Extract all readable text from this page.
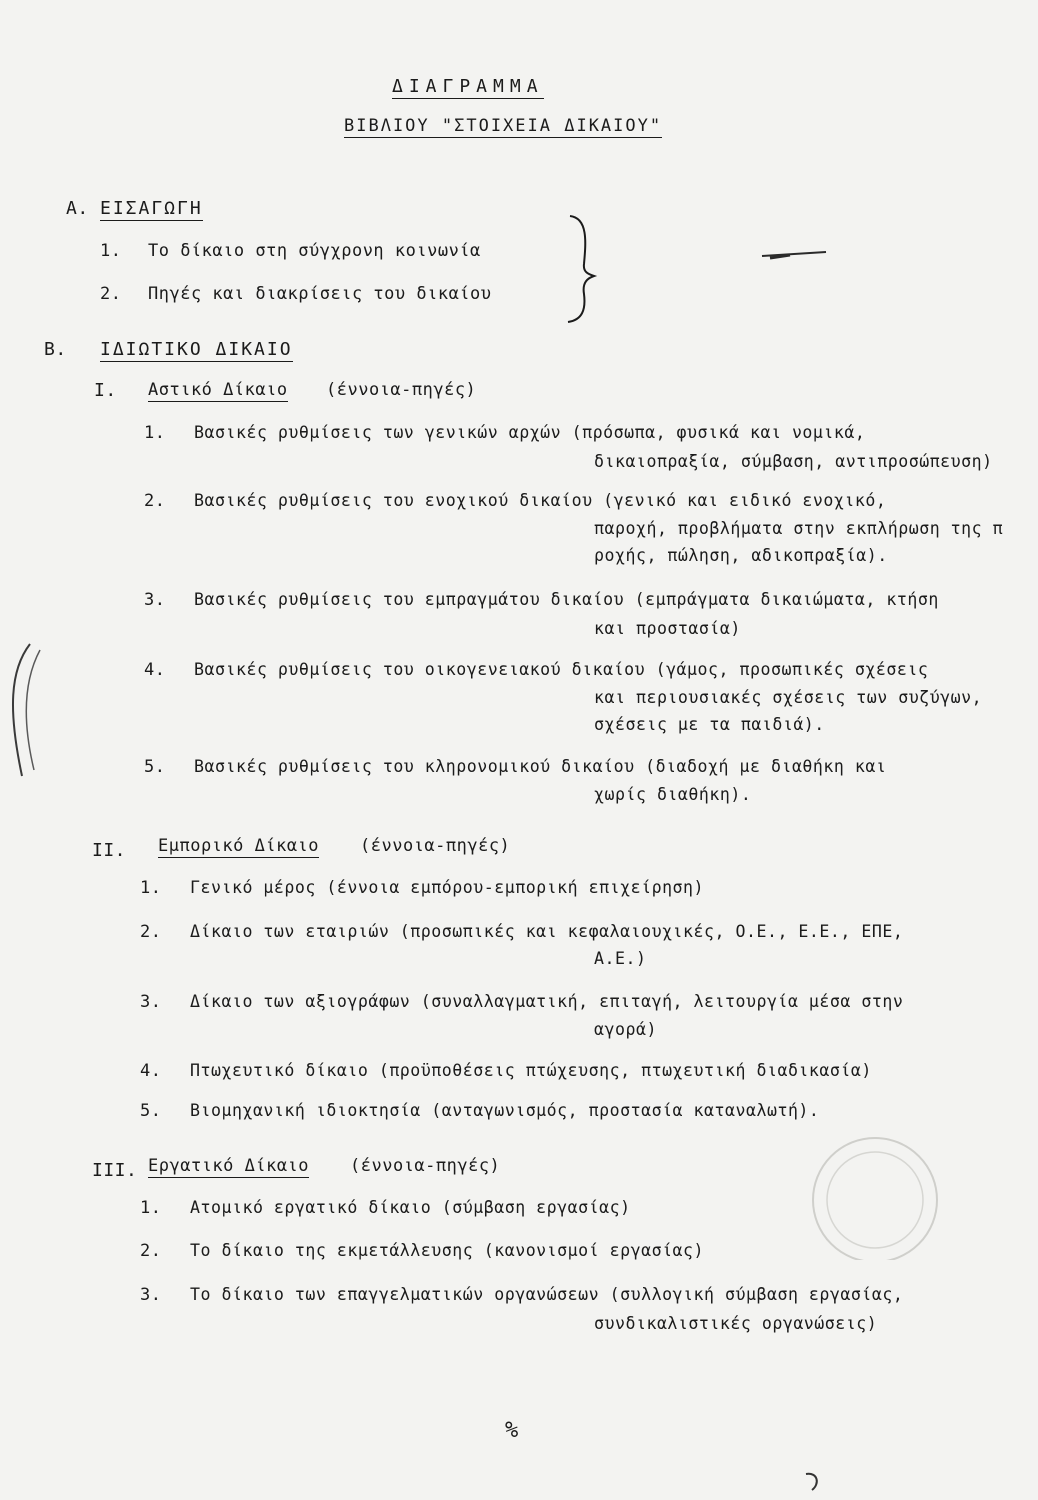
ΔΙΑΓΡΑΜΜΑ
ΒΙΒΛΙΟΥ "ΣΤΟΙΧΕΙΑ ΔΙΚΑΙΟΥ"
Α. ΕΙΣΑΓΩΓΗ
1. Το δίκαιο στη σύγχρονη κοινωνία
2. Πηγές και διακρίσεις του δικαίου
Β. ΙΔΙΩΤΙΚΟ ΔΙΚΑΙΟ
I. Αστικό Δίκαιο (έννοια-πηγές)
1. Βασικές ρυθμίσεις των γενικών αρχών (πρόσωπα, φυσικά και νομικά,
δικαιοπραξία, σύμβαση, αντιπροσώπευση)
2. Βασικές ρυθμίσεις του ενοχικού δικαίου (γενικό και ειδικό ενοχικό,
παροχή, προβλήματα στην εκπλήρωση της π
ροχής, πώληση, αδικοπραξία).
3. Βασικές ρυθμίσεις του εμπραγμάτου δικαίου (εμπράγματα δικαιώματα, κτήση
και προστασία)
4. Βασικές ρυθμίσεις του οικογενειακού δικαίου (γάμος, προσωπικές σχέσεις
και περιουσιακές σχέσεις των συζύγων,
σχέσεις με τα παιδιά).
5. Βασικές ρυθμίσεις του κληρονομικού δικαίου (διαδοχή με διαθήκη και
χωρίς διαθήκη).
II. Εμπορικό Δίκαιο (έννοια-πηγές)
1. Γενικό μέρος (έννοια εμπόρου-εμπορική επιχείρηση)
2. Δίκαιο των εταιριών (προσωπικές και κεφαλαιουχικές, Ο.Ε., Ε.Ε., ΕΠΕ,
Α.Ε.)
3. Δίκαιο των αξιογράφων (συναλλαγματική, επιταγή, λειτουργία μέσα στην
αγορά)
4. Πτωχευτικό δίκαιο (προϋποθέσεις πτώχευσης, πτωχευτική διαδικασία)
5. Βιομηχανική ιδιοκτησία (ανταγωνισμός, προστασία καταναλωτή).
III. Εργατικό Δίκαιο (έννοια-πηγές)
1. Ατομικό εργατικό δίκαιο (σύμβαση εργασίας)
2. Το δίκαιο της εκμετάλλευσης (κανονισμοί εργασίας)
3. Το δίκαιο των επαγγελματικών οργανώσεων (συλλογική σύμβαση εργασίας,
συνδικαλιστικές οργανώσεις)
%
